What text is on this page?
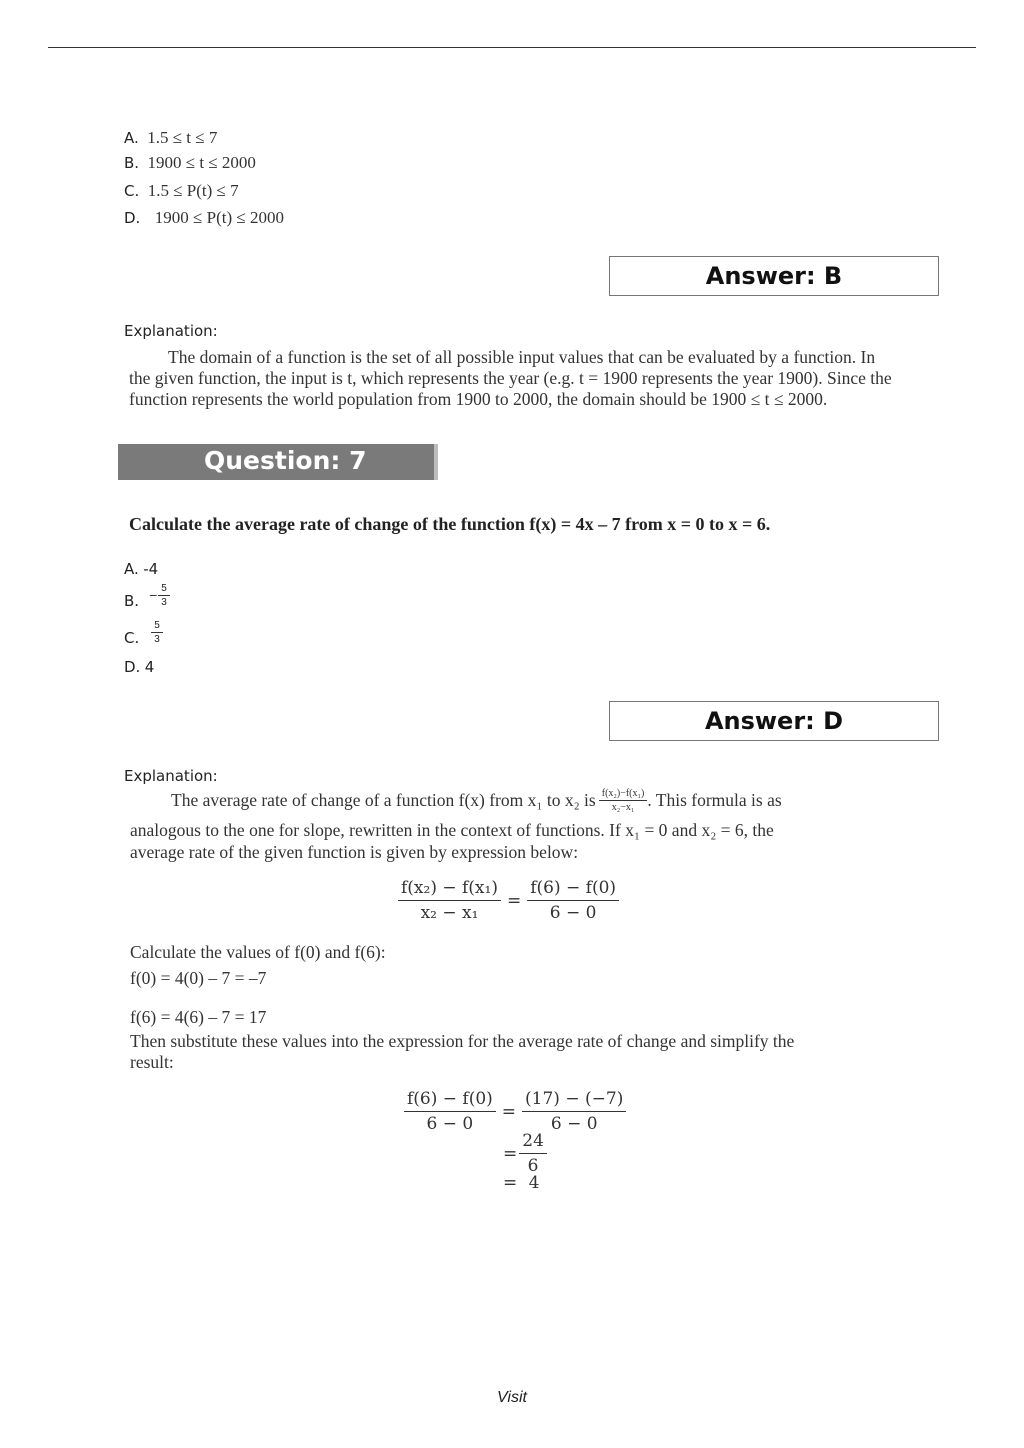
A. 1.5 ≤ t ≤ 7
B. 1900 ≤ t ≤ 2000
C. 1.5 ≤ P(t) ≤ 7
D. 1900 ≤ P(t) ≤ 2000
Answer: B
Explanation:
The domain of a function is the set of all possible input values that can be evaluated by a function. In the given function, the input is t, which represents the year (e.g. t = 1900 represents the year 1900). Since the function represents the world population from 1900 to 2000, the domain should be 1900 ≤ t ≤ 2000.
Question: 7
Calculate the average rate of change of the function f(x) = 4x – 7 from x = 0 to x = 6.
A. -4
B. − $\frac{5}{3}$
C. $\frac{5}{3}$
D. 4
Answer: D
Explanation:
The average rate of change of a function f(x) from x₁ to x₂ is $\frac{\text{f(x₂)−f(x₁)}}{\text{x₂−x₁}}$ . This formula is as
analogous to the one for slope, rewritten in the context of functions. If x₁ = 0 and x₂ = 6, the
average rate of the given function is given by expression below:
$\frac{\text{f(x₂) − f(x₁)}}{\text{x₂ − x₁}} = \frac{f(6) - f(0)}{6 - 0}$
Calculate the values of f(0) and f(6):
f(0) = 4(0) – 7 = –7
f(6) = 4(6) – 7 = 17
Then substitute these values into the expression for the average rate of change and simplify the
result:
$\frac{f(6) - f(0)}{6 - 0} = \frac{(17) - (-7)}{6 - 0}$
= $\frac{24}{6}$
= 4
Visit
